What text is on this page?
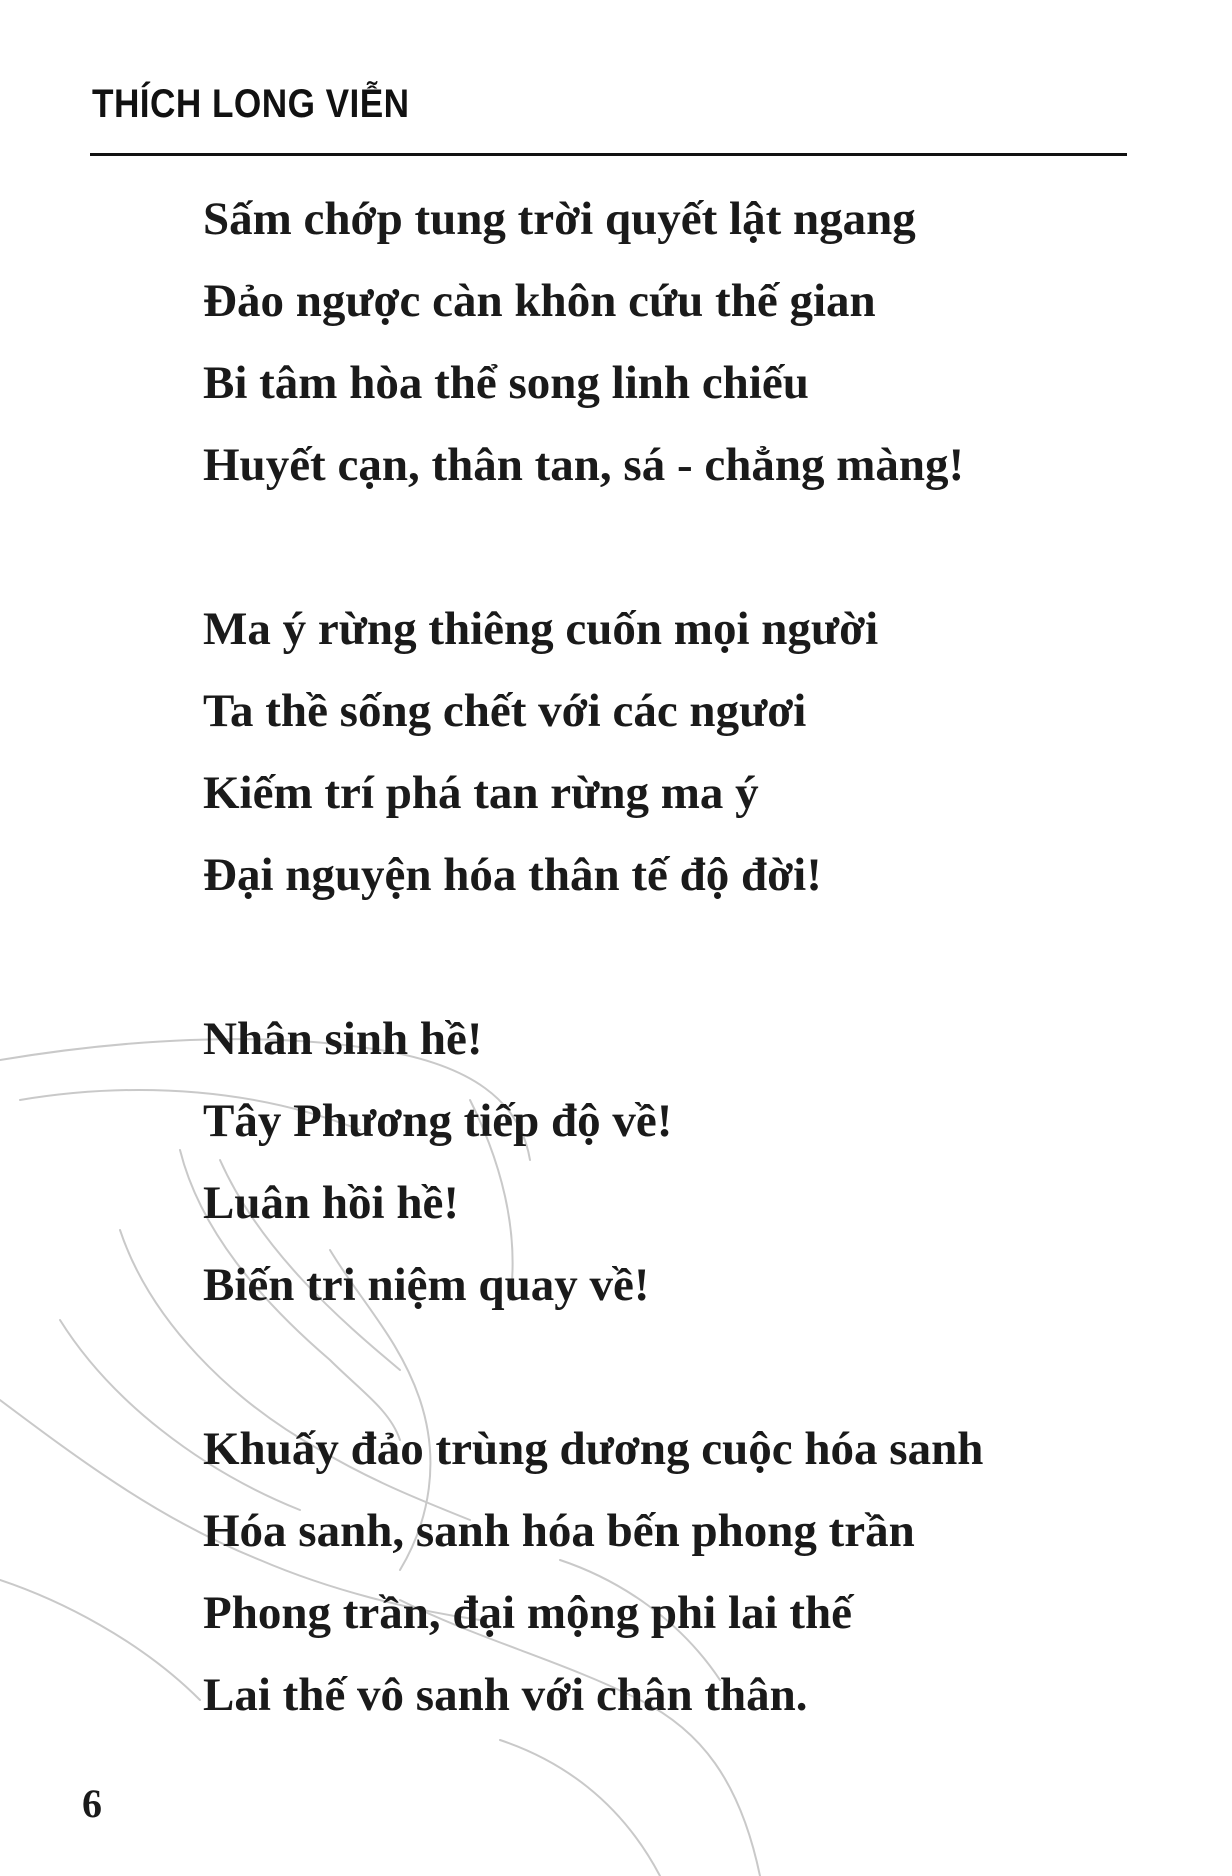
THÍCH LONG VIỄN
Sấm chớp tung trời quyết lật ngang
Đảo ngược càn khôn cứu thế gian
Bi tâm hòa thể song linh chiếu
Huyết cạn, thân tan, sá - chẳng màng!
Ma ý rừng thiêng cuốn mọi người
Ta thề sống chết với các ngươi
Kiếm trí phá tan rừng ma ý
Đại nguyện hóa thân tế độ đời!
Nhân sinh hề!
Tây Phương tiếp độ về!
Luân hồi hề!
Biến tri niệm quay về!
Khuấy đảo trùng dương cuộc hóa sanh
Hóa sanh, sanh hóa bến phong trần
Phong trần, đại mộng phi lai thế
Lai thế vô sanh với chân thân.
6
